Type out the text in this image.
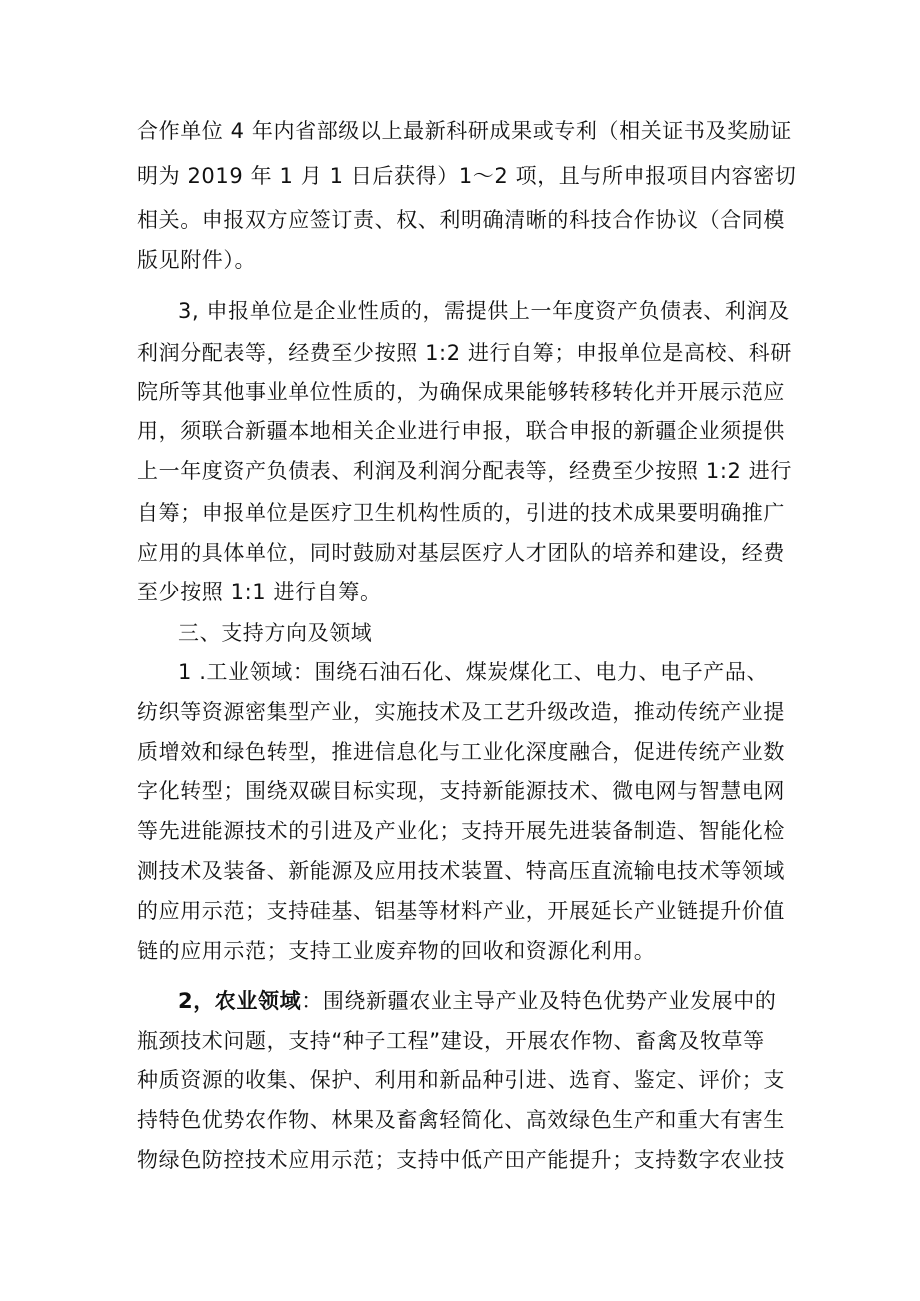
合作单位 4 年内省部级以上最新科研成果或专利（相关证书及奖励证
明为 2019 年 1 月 1 日后获得）1～2 项，且与所申报项目内容密切
相关。申报双方应签订责、权、利明确清晰的科技合作协议（合同模
版见附件）。
3, 申报单位是企业性质的，需提供上一年度资产负债表、利润及
利润分配表等，经费至少按照 1:2 进行自筹；申报单位是高校、科研
院所等其他事业单位性质的，为确保成果能够转移转化并开展示范应
用，须联合新疆本地相关企业进行申报，联合申报的新疆企业须提供
上一年度资产负债表、利润及利润分配表等，经费至少按照 1:2 进行
自筹；申报单位是医疗卫生机构性质的，引进的技术成果要明确推广
应用的具体单位，同时鼓励对基层医疗人才团队的培养和建设，经费
至少按照 1:1 进行自筹。
三、支持方向及领域
1 .工业领域：围绕石油石化、煤炭煤化工、电力、电子产品、
纺织等资源密集型产业，实施技术及工艺升级改造，推动传统产业提
质增效和绿色转型，推进信息化与工业化深度融合，促进传统产业数
字化转型；围绕双碳目标实现，支持新能源技术、微电网与智慧电网
等先进能源技术的引进及产业化；支持开展先进装备制造、智能化检
测技术及装备、新能源及应用技术装置、特高压直流输电技术等领域
的应用示范；支持硅基、铝基等材料产业，开展延长产业链提升价值
链的应用示范；支持工业废弃物的回收和资源化利用。
2，农业领域：围绕新疆农业主导产业及特色优势产业发展中的
瓶颈技术问题，支持“种子工程”建设，开展农作物、畜禽及牧草等
种质资源的收集、保护、利用和新品种引进、选育、鉴定、评价；支
持特色优势农作物、林果及畜禽轻简化、高效绿色生产和重大有害生
物绿色防控技术应用示范；支持中低产田产能提升；支持数字农业技
